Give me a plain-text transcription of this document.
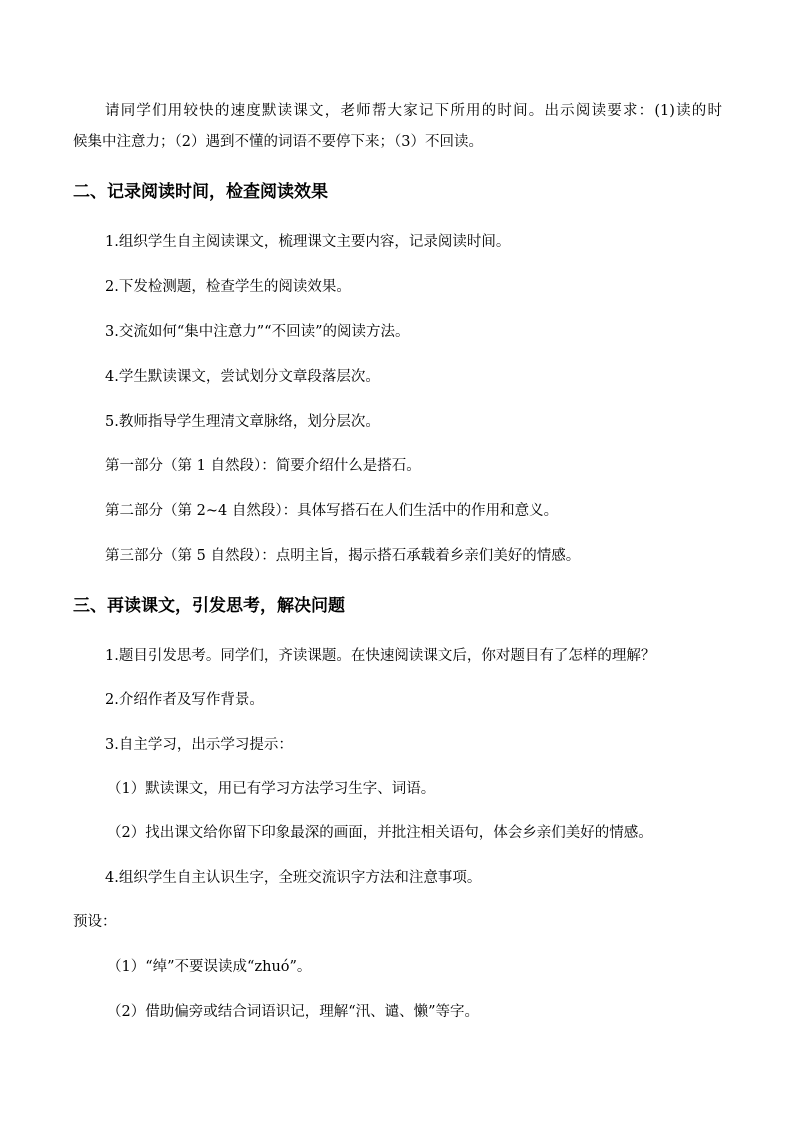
请同学们用较快的速度默读课文，老师帮大家记下所用的时间。出示阅读要求：(1)读的时
候集中注意力；（2）遇到不懂的词语不要停下来；（3）不回读。
二、记录阅读时间，检查阅读效果
1.组织学生自主阅读课文，梳理课文主要内容，记录阅读时间。
2.下发检测题，检查学生的阅读效果。
3.交流如何“集中注意力”“不回读”的阅读方法。
4.学生默读课文，尝试划分文章段落层次。
5.教师指导学生理清文章脉络，划分层次。
第一部分（第 1 自然段）：简要介绍什么是搭石。
第二部分（第 2~4 自然段）：具体写搭石在人们生活中的作用和意义。
第三部分（第 5 自然段）：点明主旨，揭示搭石承载着乡亲们美好的情感。
三、再读课文，引发思考，解决问题
1.题目引发思考。同学们，齐读课题。在快速阅读课文后，你对题目有了怎样的理解？
2.介绍作者及写作背景。
3.自主学习，出示学习提示：
（1）默读课文，用已有学习方法学习生字、词语。
（2）找出课文给你留下印象最深的画面，并批注相关语句，体会乡亲们美好的情感。
4.组织学生自主认识生字，全班交流识字方法和注意事项。
预设：
（1）“绰”不要误读成“zhuó”。
（2）借助偏旁或结合词语识记，理解“汛、谴、懒”等字。
